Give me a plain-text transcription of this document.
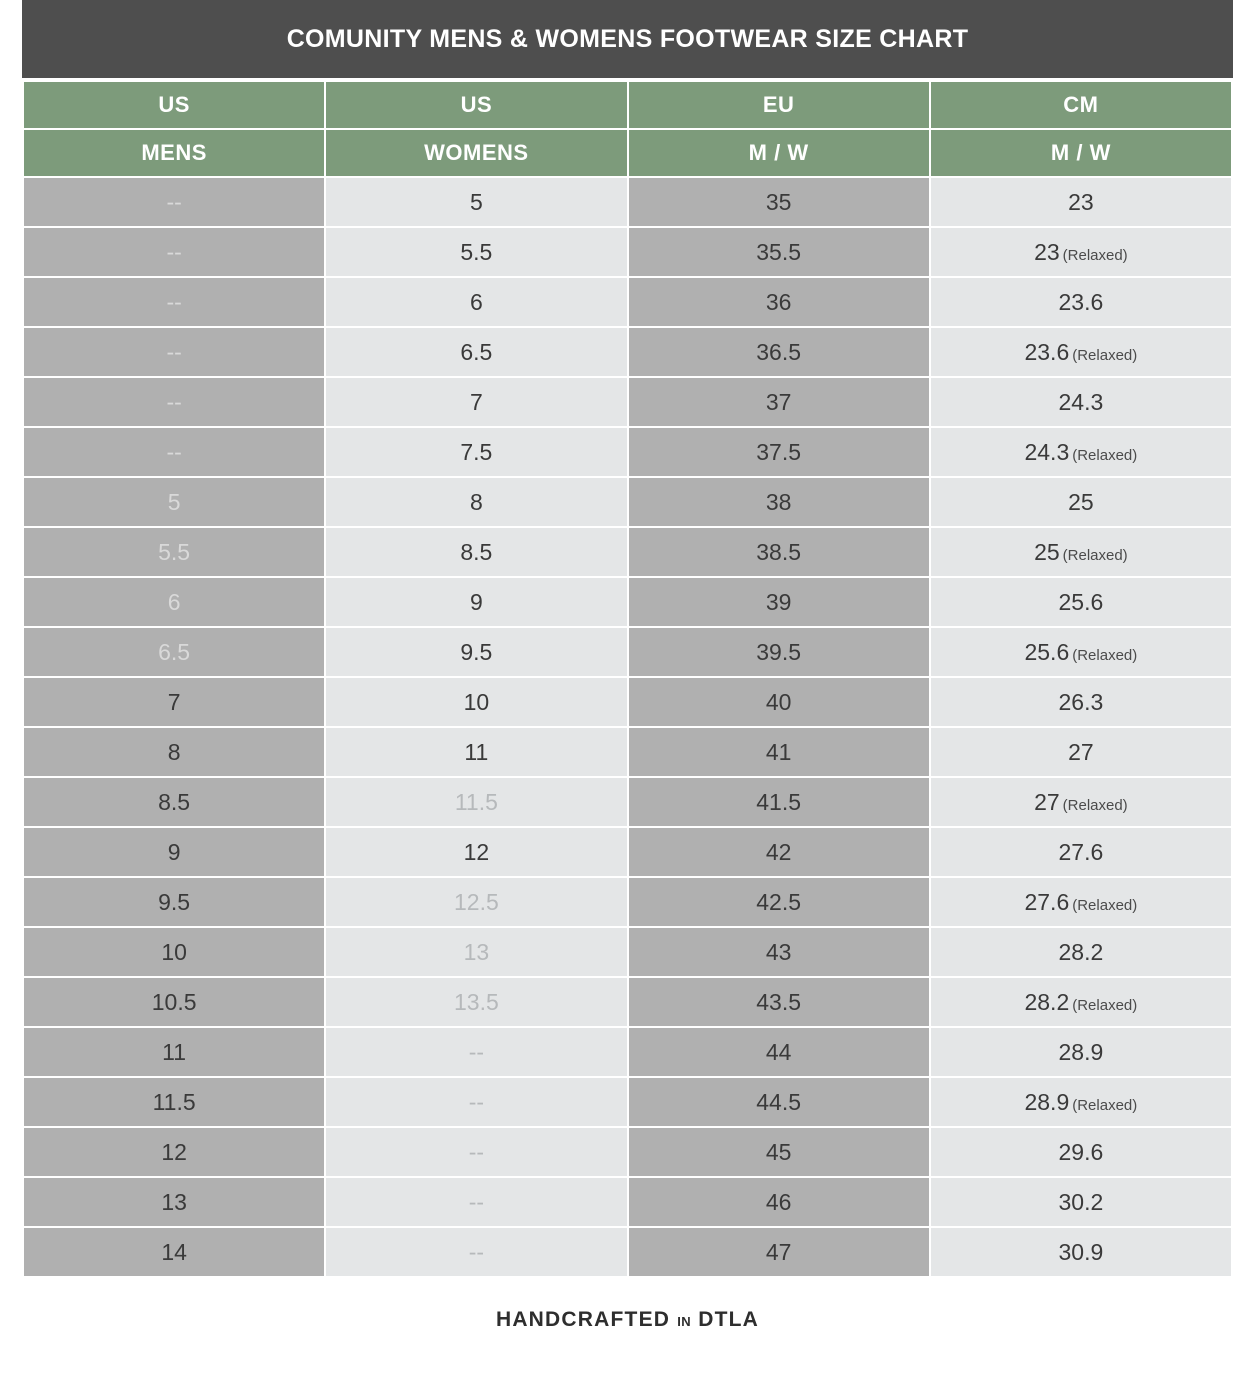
COMUNITY MENS & WOMENS FOOTWEAR SIZE CHART
US	US	EU	CM
MENS	WOMENS	M / W	M / W
--	5	35	23
--	5.5	35.5	23 (Relaxed)
--	6	36	23.6
--	6.5	36.5	23.6 (Relaxed)
--	7	37	24.3
--	7.5	37.5	24.3 (Relaxed)
5	8	38	25
5.5	8.5	38.5	25 (Relaxed)
6	9	39	25.6
6.5	9.5	39.5	25.6 (Relaxed)
7	10	40	26.3
8	11	41	27
8.5	11.5	41.5	27 (Relaxed)
9	12	42	27.6
9.5	12.5	42.5	27.6 (Relaxed)
10	13	43	28.2
10.5	13.5	43.5	28.2 (Relaxed)
11	--	44	28.9
11.5	--	44.5	28.9 (Relaxed)
12	--	45	29.6
13	--	46	30.2
14	--	47	30.9
HANDCRAFTED IN DTLA
